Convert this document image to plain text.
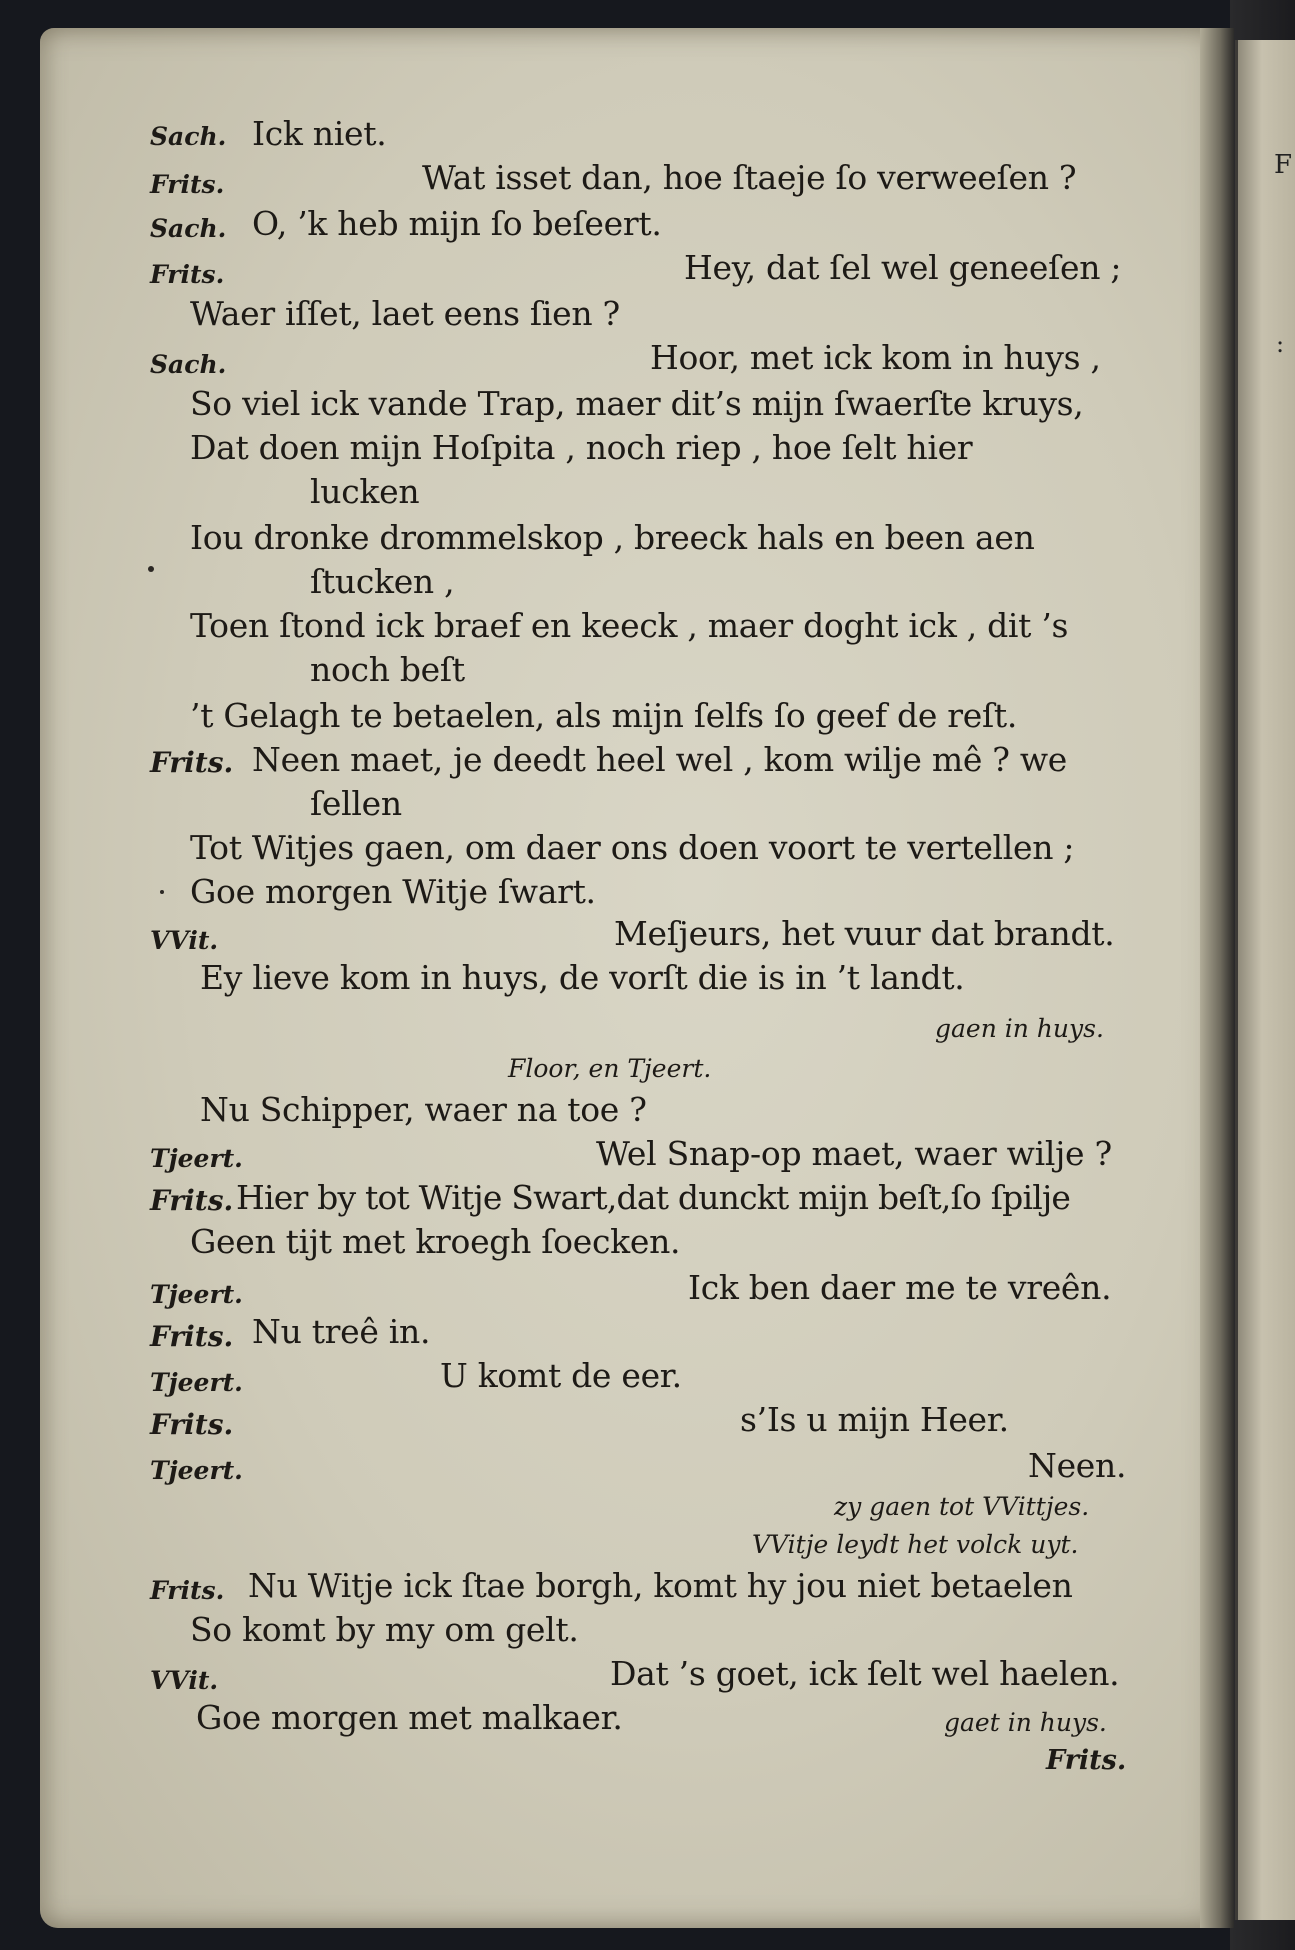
F
:
Sach. Ick niet.
Frits.	Wat isset dan, hoe ſtaeje ſo verweeſen ?
Sach. O, ’k heb mijn ſo beſeert.
Frits.	Hey, dat ſel wel geneeſen ;
Waer iſſet, laet eens ſien ?
Sach.	Hoor, met ick kom in huys ,
So viel ick vande Trap, maer dit’s mijn ſwaerſte kruys,
Dat doen mijn Hoſpita , noch riep , hoe ſelt hier
lucken
Iou dronke drommelskop , breeck hals en been aen
ſtucken ,
Toen ſtond ick braef en keeck , maer doght ick , dit ’s
noch beſt
’t Gelagh te betaelen, als mijn ſelfs ſo geef de reſt.
Frits. Neen maet, je deedt heel wel , kom wilje mê ? we
ſellen
Tot Witjes gaen, om daer ons doen voort te vertellen ;
Goe morgen Witje ſwart.
VVit.	Meſjeurs, het vuur dat brandt.
Ey lieve kom in huys, de vorſt die is in ’t landt.
gaen in huys.
Floor, en Tjeert.
Nu Schipper, waer na toe ?
Tjeert.	Wel Snap-op maet, waer wilje ?
Frits. Hier by tot Witje Swart,dat dunckt mijn beſt,ſo ſpilje
Geen tijt met kroegh ſoecken.
Tjeert.	Ick ben daer me te vreên.
Frits. Nu treê in.
Tjeert.	U komt de eer.
Frits.	s’Is u mijn Heer.
Tjeert.	Neen.
zy gaen tot VVittjes.
VVitje leydt het volck uyt.
Frits. Nu Witje ick ſtae borgh, komt hy jou niet betaelen
So komt by my om gelt.
VVit.	Dat ’s goet, ick ſelt wel haelen.
Goe morgen met malkaer.	gaet in huys.
Frits.
